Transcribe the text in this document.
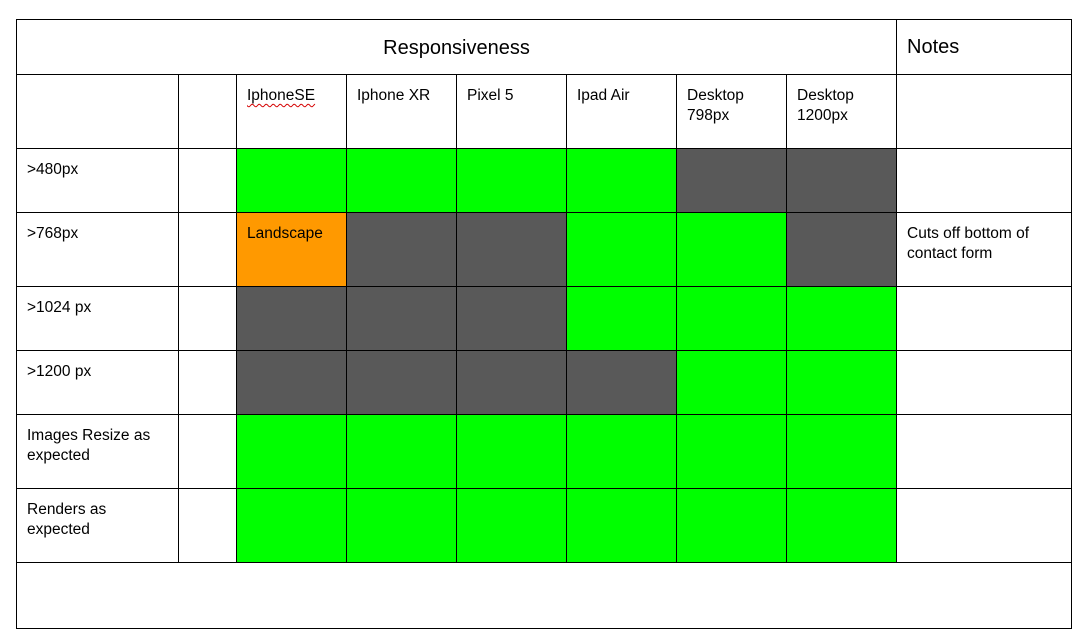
Responsiveness								Notes
		IphoneSE	Iphone XR	Pixel 5	Ipad Air	Desktop 798px	Desktop 1200px	
>480px								
>768px		Landscape						Cuts off bottom of contact form
>1024 px								
>1200 px								
Images Resize as expected								
Renders as expected								
